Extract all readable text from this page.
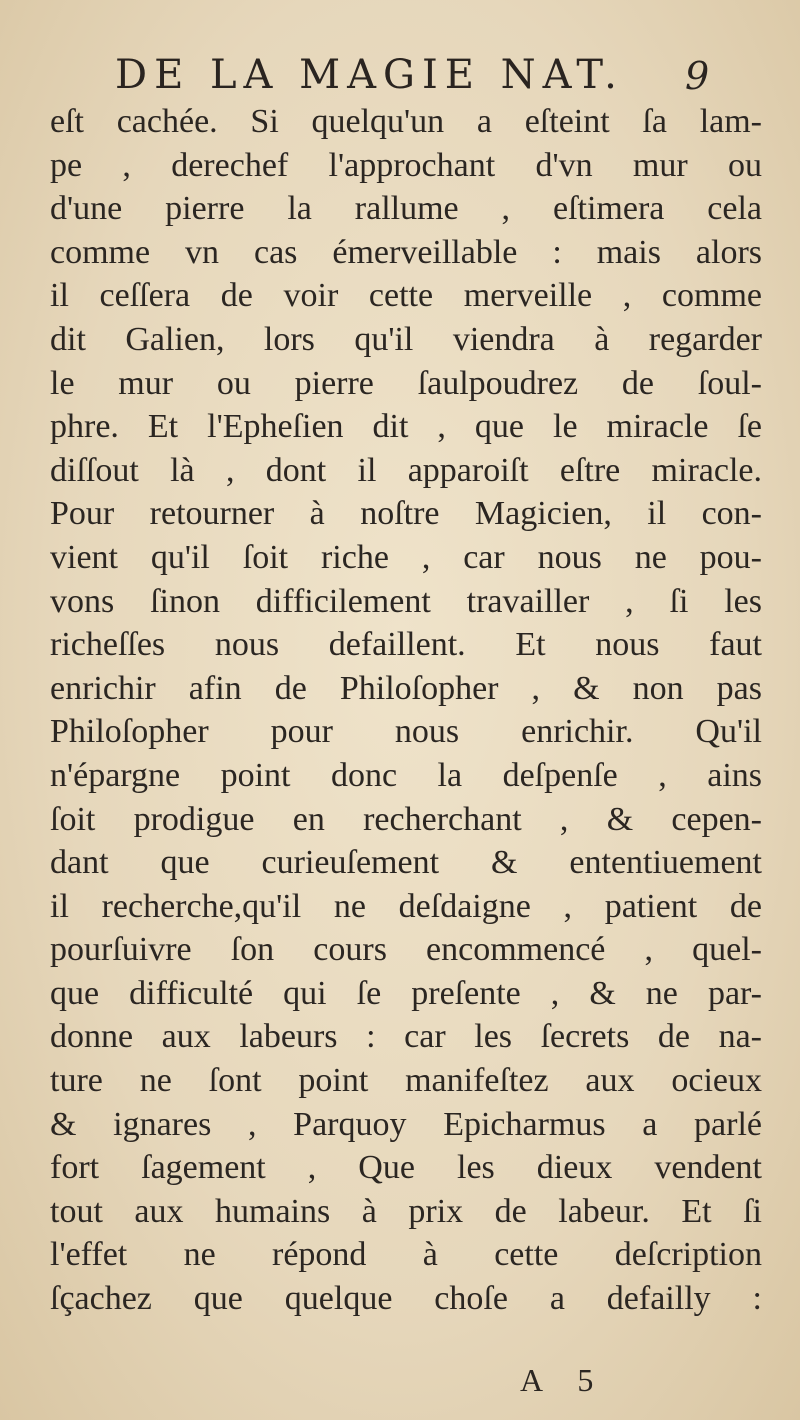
DE LA MAGIE NAT. 9
eſt cachée. Si quelqu'un a eſteint ſa lam-
pe , derechef l'approchant d'vn mur ou
d'une pierre la rallume , eſtimera cela
comme vn cas émerveillable : mais alors
il ceſſera de voir cette merveille , comme
dit Galien, lors qu'il viendra à regarder
le mur ou pierre ſaulpoudrez de ſoul-
phre. Et l'Epheſien dit , que le miracle ſe
diſſout là , dont il apparoiſt eſtre miracle.
Pour retourner à noſtre Magicien, il con-
vient qu'il ſoit riche , car nous ne pou-
vons ſinon difficilement travailler , ſi les
richeſſes nous defaillent. Et nous faut
enrichir afin de Philoſopher , & non pas
Philoſopher pour nous enrichir. Qu'il
n'épargne point donc la deſpenſe , ains
ſoit prodigue en recherchant , & cepen-
dant que curieuſement & ententiuement
il recherche,qu'il ne deſdaigne , patient de
pourſuivre ſon cours encommencé , quel-
que difficulté qui ſe preſente , & ne par-
donne aux labeurs : car les ſecrets de na-
ture ne ſont point manifeſtez aux ocieux
& ignares , Parquoy Epicharmus a parlé
fort ſagement , Que les dieux vendent
tout aux humains à prix de labeur. Et ſi
l'effet ne répond à cette deſcription
ſçachez que quelque choſe a defailly :
A 5
